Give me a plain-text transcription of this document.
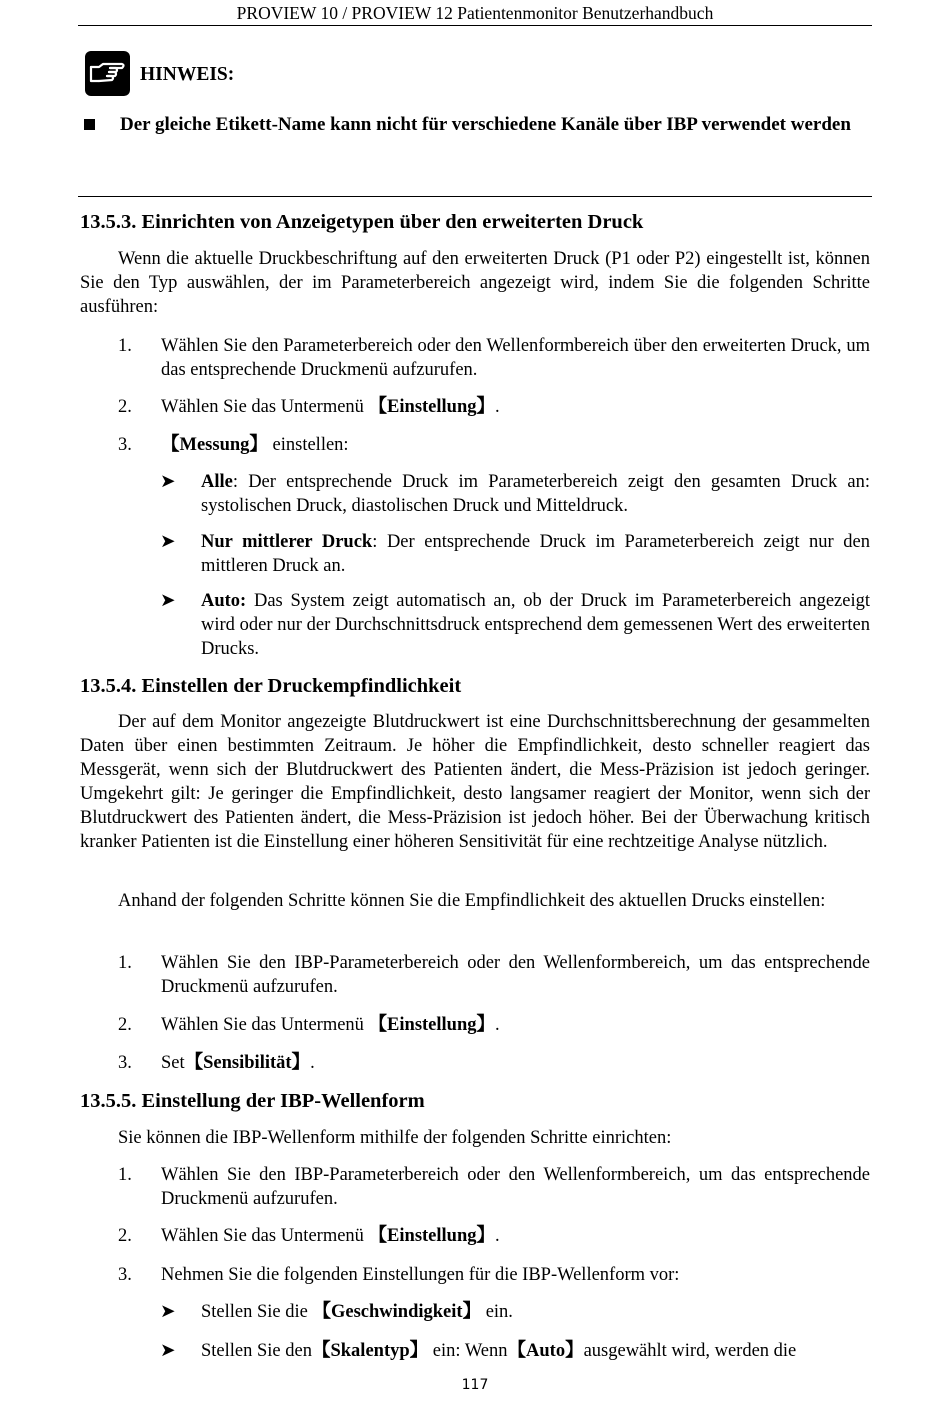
PROVIEW 10 / PROVIEW 12 Patientenmonitor Benutzerhandbuch
HINWEIS:
Der gleiche Etikett-Name kann nicht für verschiedene Kanäle über IBP verwendet werden
13.5.3. Einrichten von Anzeigetypen über den erweiterten Druck
Wenn die aktuelle Druckbeschriftung auf den erweiterten Druck (P1 oder P2) eingestellt ist, können Sie den Typ auswählen, der im Parameterbereich angezeigt wird, indem Sie die folgenden Schritte ausführen:
1. Wählen Sie den Parameterbereich oder den Wellenformbereich über den erweiterten Druck, um das entsprechende Druckmenü aufzurufen.
2. Wählen Sie das Untermenü 【Einstellung】.
3. 【Messung】 einstellen:
➤ Alle: Der entsprechende Druck im Parameterbereich zeigt den gesamten Druck an: systolischen Druck, diastolischen Druck und Mitteldruck.
➤ Nur mittlerer Druck: Der entsprechende Druck im Parameterbereich zeigt nur den mittleren Druck an.
➤ Auto: Das System zeigt automatisch an, ob der Druck im Parameterbereich angezeigt wird oder nur der Durchschnittsdruck entsprechend dem gemessenen Wert des erweiterten Drucks.
13.5.4. Einstellen der Druckempfindlichkeit
Der auf dem Monitor angezeigte Blutdruckwert ist eine Durchschnittsberechnung der gesammelten Daten über einen bestimmten Zeitraum. Je höher die Empfindlichkeit, desto schneller reagiert das Messgerät, wenn sich der Blutdruckwert des Patienten ändert, die Mess-Präzision ist jedoch geringer. Umgekehrt gilt: Je geringer die Empfindlichkeit, desto langsamer reagiert der Monitor, wenn sich der Blutdruckwert des Patienten ändert, die Mess-Präzision ist jedoch höher. Bei der Überwachung kritisch kranker Patienten ist die Einstellung einer höheren Sensitivität für eine rechtzeitige Analyse nützlich.
Anhand der folgenden Schritte können Sie die Empfindlichkeit des aktuellen Drucks einstellen:
1. Wählen Sie den IBP-Parameterbereich oder den Wellenformbereich, um das entsprechende Druckmenü aufzurufen.
2. Wählen Sie das Untermenü 【Einstellung】.
3. Set【Sensibilität】.
13.5.5. Einstellung der IBP-Wellenform
Sie können die IBP-Wellenform mithilfe der folgenden Schritte einrichten:
1. Wählen Sie den IBP-Parameterbereich oder den Wellenformbereich, um das entsprechende Druckmenü aufzurufen.
2. Wählen Sie das Untermenü 【Einstellung】.
3. Nehmen Sie die folgenden Einstellungen für die IBP-Wellenform vor:
➤ Stellen Sie die 【Geschwindigkeit】 ein.
➤ Stellen Sie den【Skalentyp】 ein: Wenn【Auto】ausgewählt wird, werden die
117
